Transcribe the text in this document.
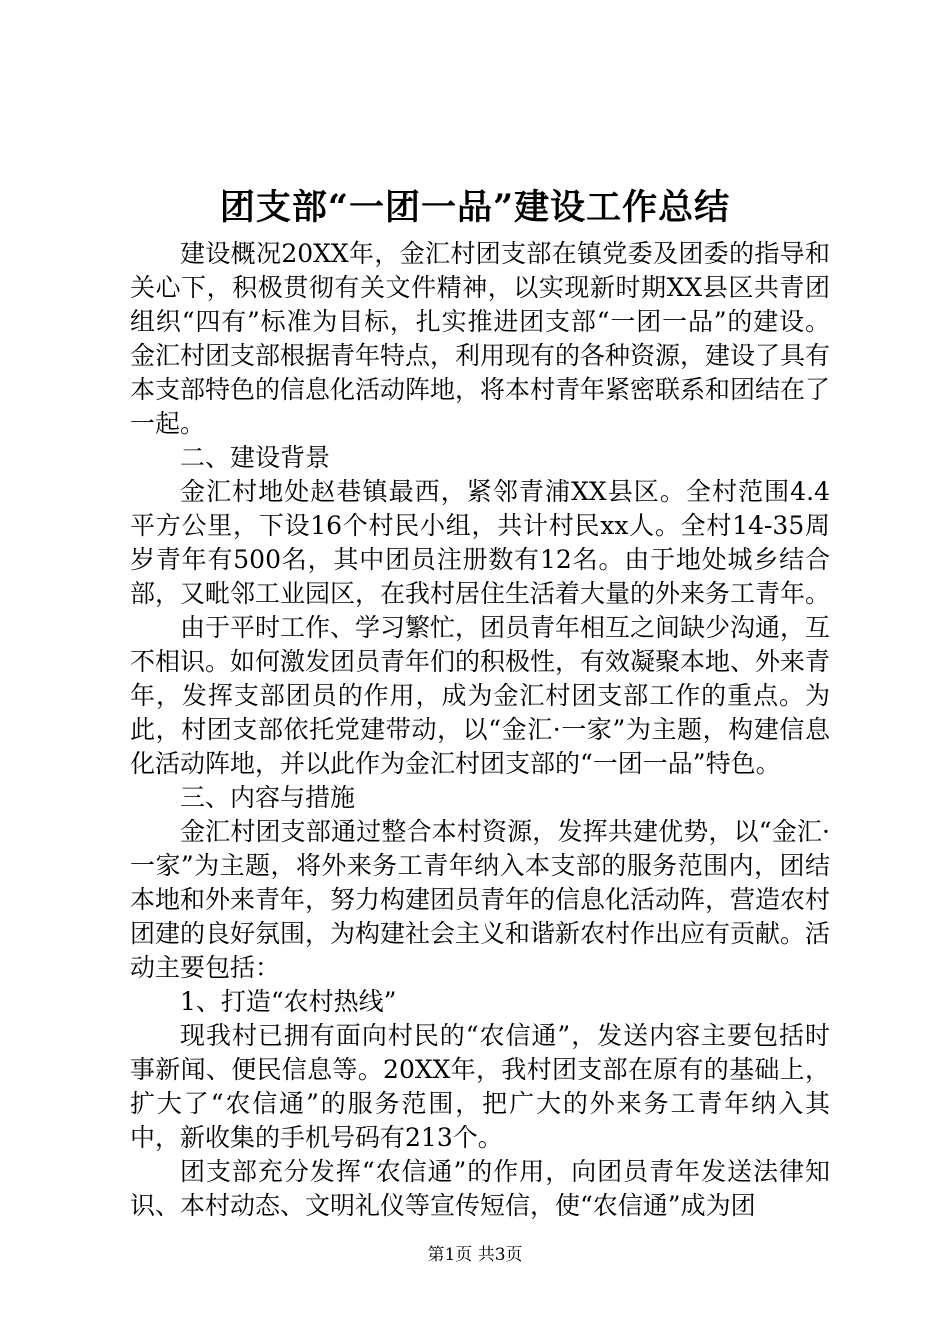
团支部“一团一品”建设工作总结

建设概况20XX年，金汇村团支部在镇党委及团委的指导和关心下，积极贯彻有关文件精神，以实现新时期XX县区共青团组织“四有”标准为目标，扎实推进团支部“一团一品”的建设。金汇村团支部根据青年特点，利用现有的各种资源，建设了具有本支部特色的信息化活动阵地，将本村青年紧密联系和团结在了一起。

二、建设背景

金汇村地处赵巷镇最西，紧邻青浦XX县区。全村范围4.4平方公里，下设16个村民小组，共计村民xx人。全村14-35周岁青年有500名，其中团员注册数有12名。由于地处城乡结合部，又毗邻工业园区，在我村居住生活着大量的外来务工青年。

由于平时工作、学习繁忙，团员青年相互之间缺少沟通，互不相识。如何激发团员青年们的积极性，有效凝聚本地、外来青年，发挥支部团员的作用，成为金汇村团支部工作的重点。为此，村团支部依托党建带动，以“金汇·一家”为主题，构建信息化活动阵地，并以此作为金汇村团支部的“一团一品”特色。

三、内容与措施

金汇村团支部通过整合本村资源，发挥共建优势，以“金汇·一家”为主题，将外来务工青年纳入本支部的服务范围内，团结本地和外来青年，努力构建团员青年的信息化活动阵，营造农村团建的良好氛围，为构建社会主义和谐新农村作出应有贡献。活动主要包括：

1、打造“农村热线”

现我村已拥有面向村民的“农信通”，发送内容主要包括时事新闻、便民信息等。20XX年，我村团支部在原有的基础上，扩大了“农信通”的服务范围，把广大的外来务工青年纳入其中，新收集的手机号码有213个。

团支部充分发挥“农信通”的作用，向团员青年发送法律知识、本村动态、文明礼仪等宣传短信，使“农信通”成为团

第1页 共3页
